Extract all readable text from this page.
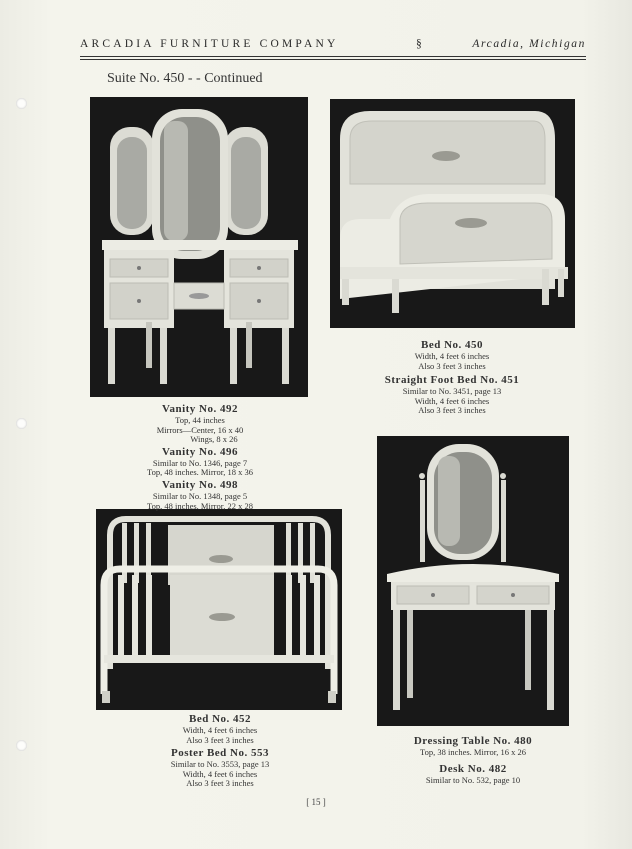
ARCADIA FURNITURE COMPANY	§	Arcadia, Michigan
Suite No. 450 - - Continued
Vanity No. 492
Top, 44 inches
Mirrors—Center, 16 x 40
Wings, 8 x 26
Vanity No. 496
Similar to No. 1346, page 7
Top, 48 inches. Mirror, 18 x 36
Vanity No. 498
Similar to No. 1348, page 5
Top, 48 inches. Mirror, 22 x 28
Bed No. 450
Width, 4 feet 6 inches
Also 3 feet 3 inches
Straight Foot Bed No. 451
Similar to No. 3451, page 13
Width, 4 feet 6 inches
Also 3 feet 3 inches
Bed No. 452
Width, 4 feet 6 inches
Also 3 feet 3 inches
Poster Bed No. 553
Similar to No. 3553, page 13
Width, 4 feet 6 inches
Also 3 feet 3 inches
Dressing Table No. 480
Top, 38 inches. Mirror, 16 x 26
Desk No. 482
Similar to No. 532, page 10
[ 15 ]
